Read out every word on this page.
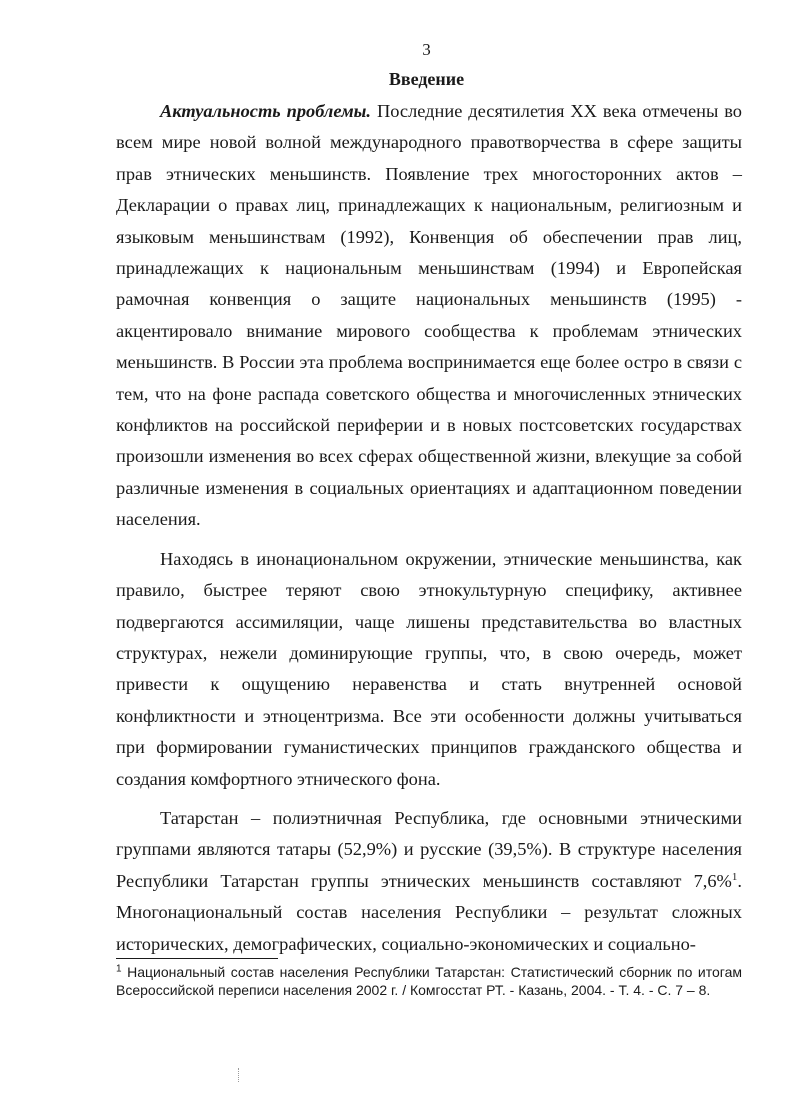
3
Введение

Актуальность проблемы. Последние десятилетия XX века отмечены во всем мире новой волной международного правотворчества в сфере защиты прав этнических меньшинств. Появление трех многосторонних актов – Декларации о правах лиц, принадлежащих к национальным, религиозным и языковым меньшинствам (1992), Конвенция об обеспечении прав лиц, принадлежащих к национальным меньшинствам (1994) и Европейская рамочная конвенция о защите национальных меньшинств (1995) - акцентировало внимание мирового сообщества к проблемам этнических меньшинств. В России эта проблема воспринимается еще более остро в связи с тем, что на фоне распада советского общества и многочисленных этнических конфликтов на российской периферии и в новых постсоветских государствах произошли изменения во всех сферах общественной жизни, влекущие за собой различные изменения в социальных ориентациях и адаптационном поведении населения.

Находясь в инонациональном окружении, этнические меньшинства, как правило, быстрее теряют свою этнокультурную специфику, активнее подвергаются ассимиляции, чаще лишены представительства во властных структурах, нежели доминирующие группы, что, в свою очередь, может привести к ощущению неравенства и стать внутренней основой конфликтности и этноцентризма. Все эти особенности должны учитываться при формировании гуманистических принципов гражданского общества и создания комфортного этнического фона.

Татарстан – полиэтничная Республика, где основными этническими группами являются татары (52,9%) и русские (39,5%). В структуре населения Республики Татарстан группы этнических меньшинств составляют 7,6%$^1$. Многонациональный состав населения Республики – результат сложных исторических, демографических, социально-экономических и социально-

$^1$ Национальный состав населения Республики Татарстан: Статистический сборник по итогам Всероссийской переписи населения 2002 г. / Комгосстат РТ. - Казань, 2004. - Т. 4. - С. 7 – 8.
